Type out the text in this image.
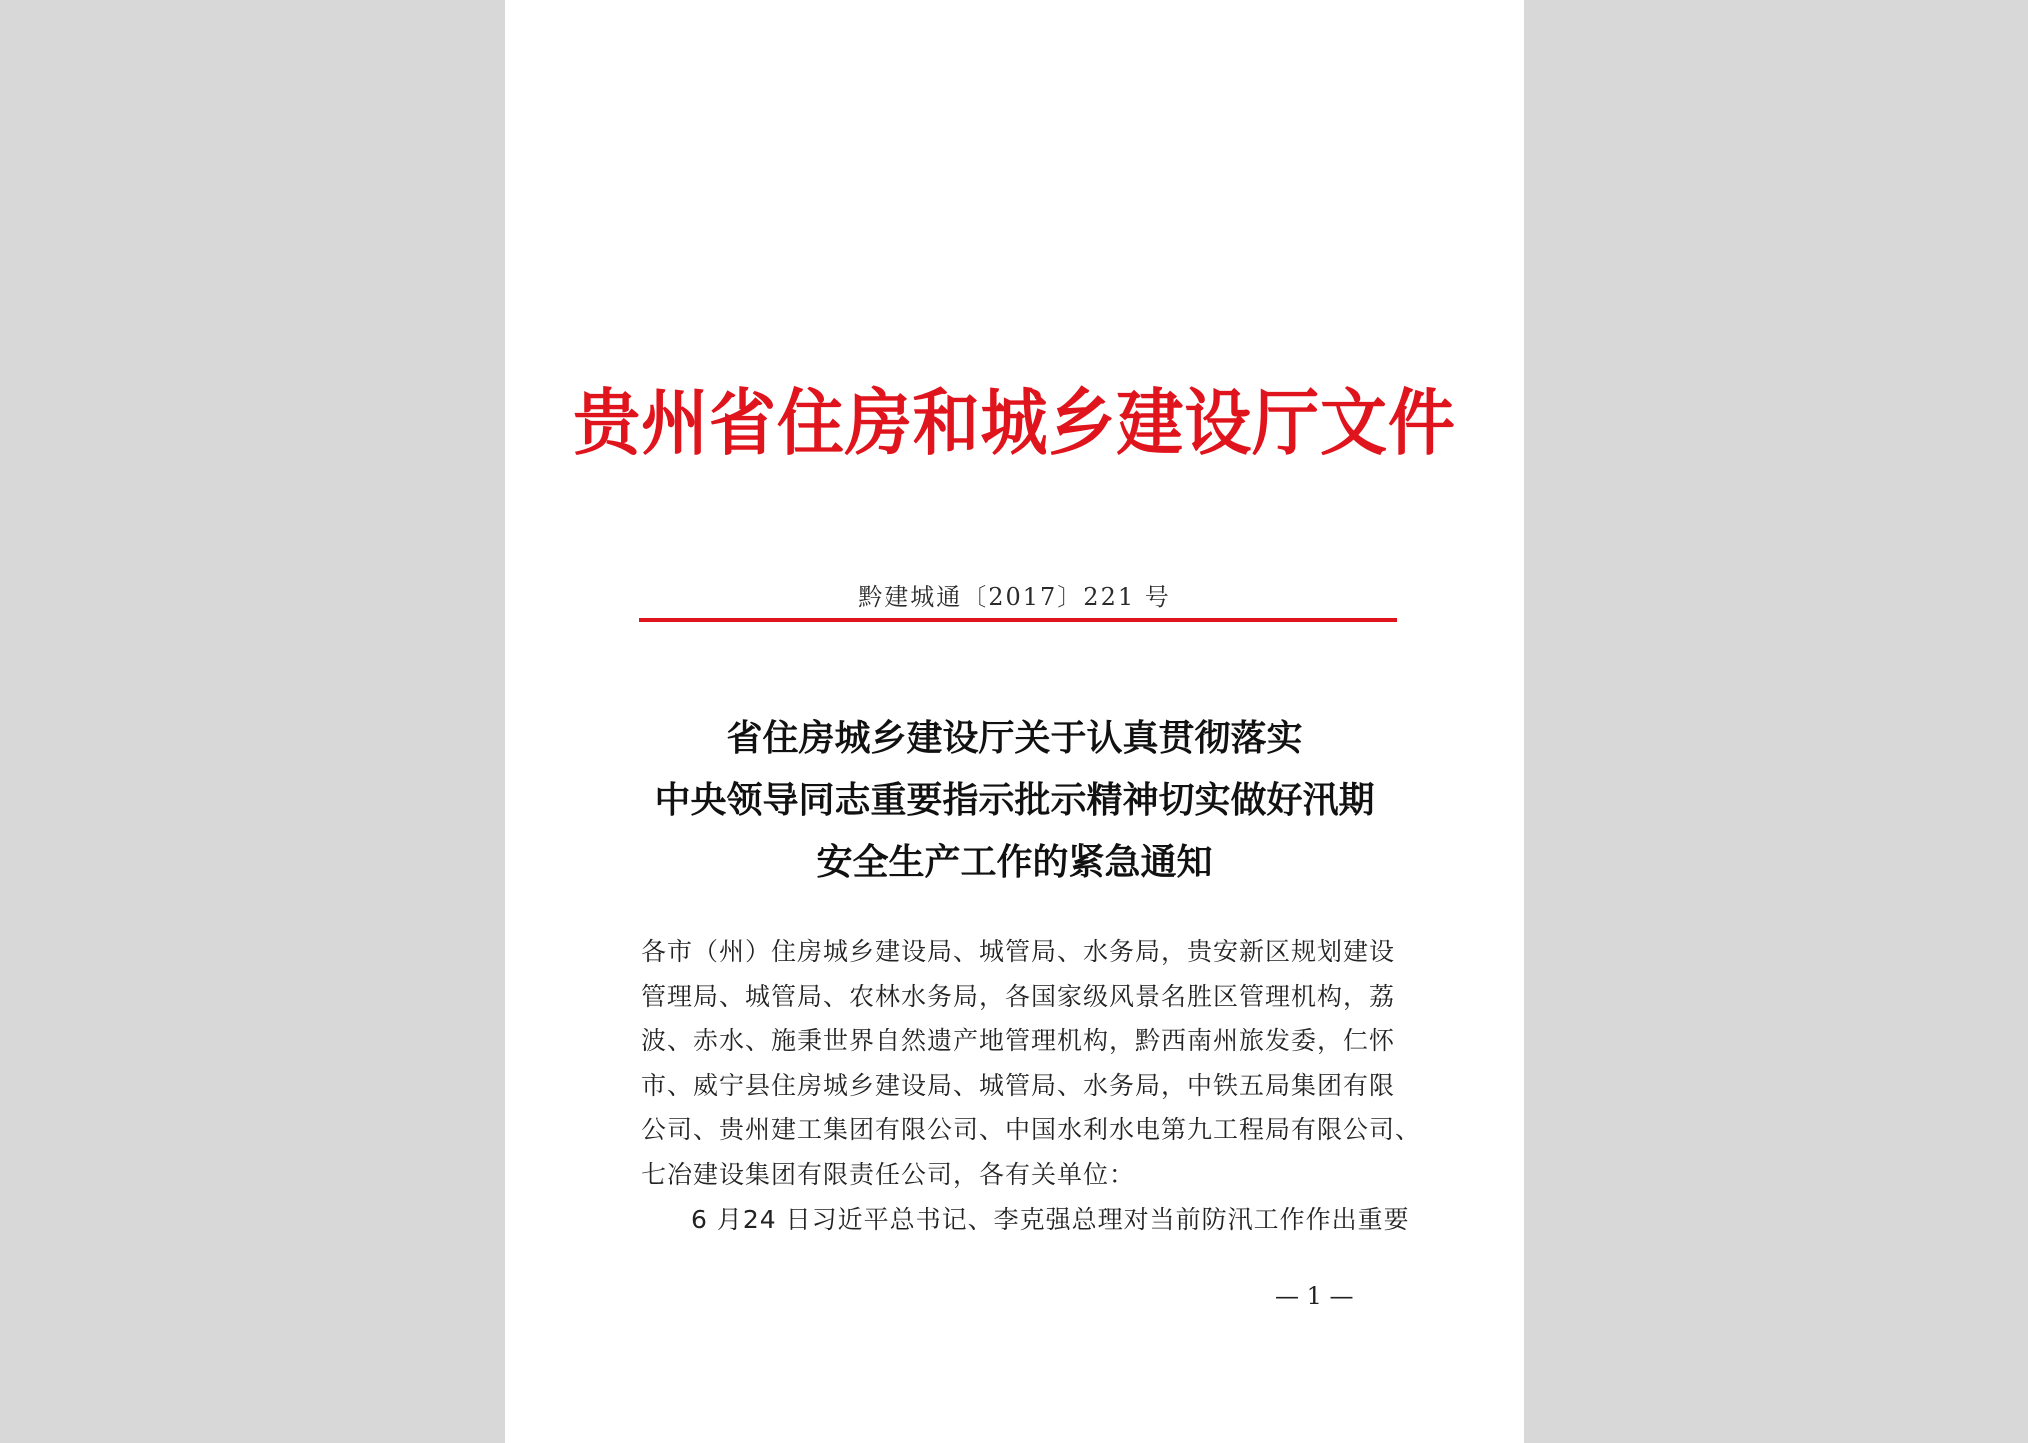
贵州省住房和城乡建设厅文件
黔建城通〔2017〕221 号
省住房城乡建设厅关于认真贯彻落实
中央领导同志重要指示批示精神切实做好汛期
安全生产工作的紧急通知
各市（州）住房城乡建设局、城管局、水务局，贵安新区规划建设
管理局、城管局、农林水务局，各国家级风景名胜区管理机构，荔
波、赤水、施秉世界自然遗产地管理机构，黔西南州旅发委，仁怀
市、威宁县住房城乡建设局、城管局、水务局，中铁五局集团有限
公司、贵州建工集团有限公司、中国水利水电第九工程局有限公司、
七冶建设集团有限责任公司，各有关单位：
6 月24 日习近平总书记、李克强总理对当前防汛工作作出重要
— 1 —
